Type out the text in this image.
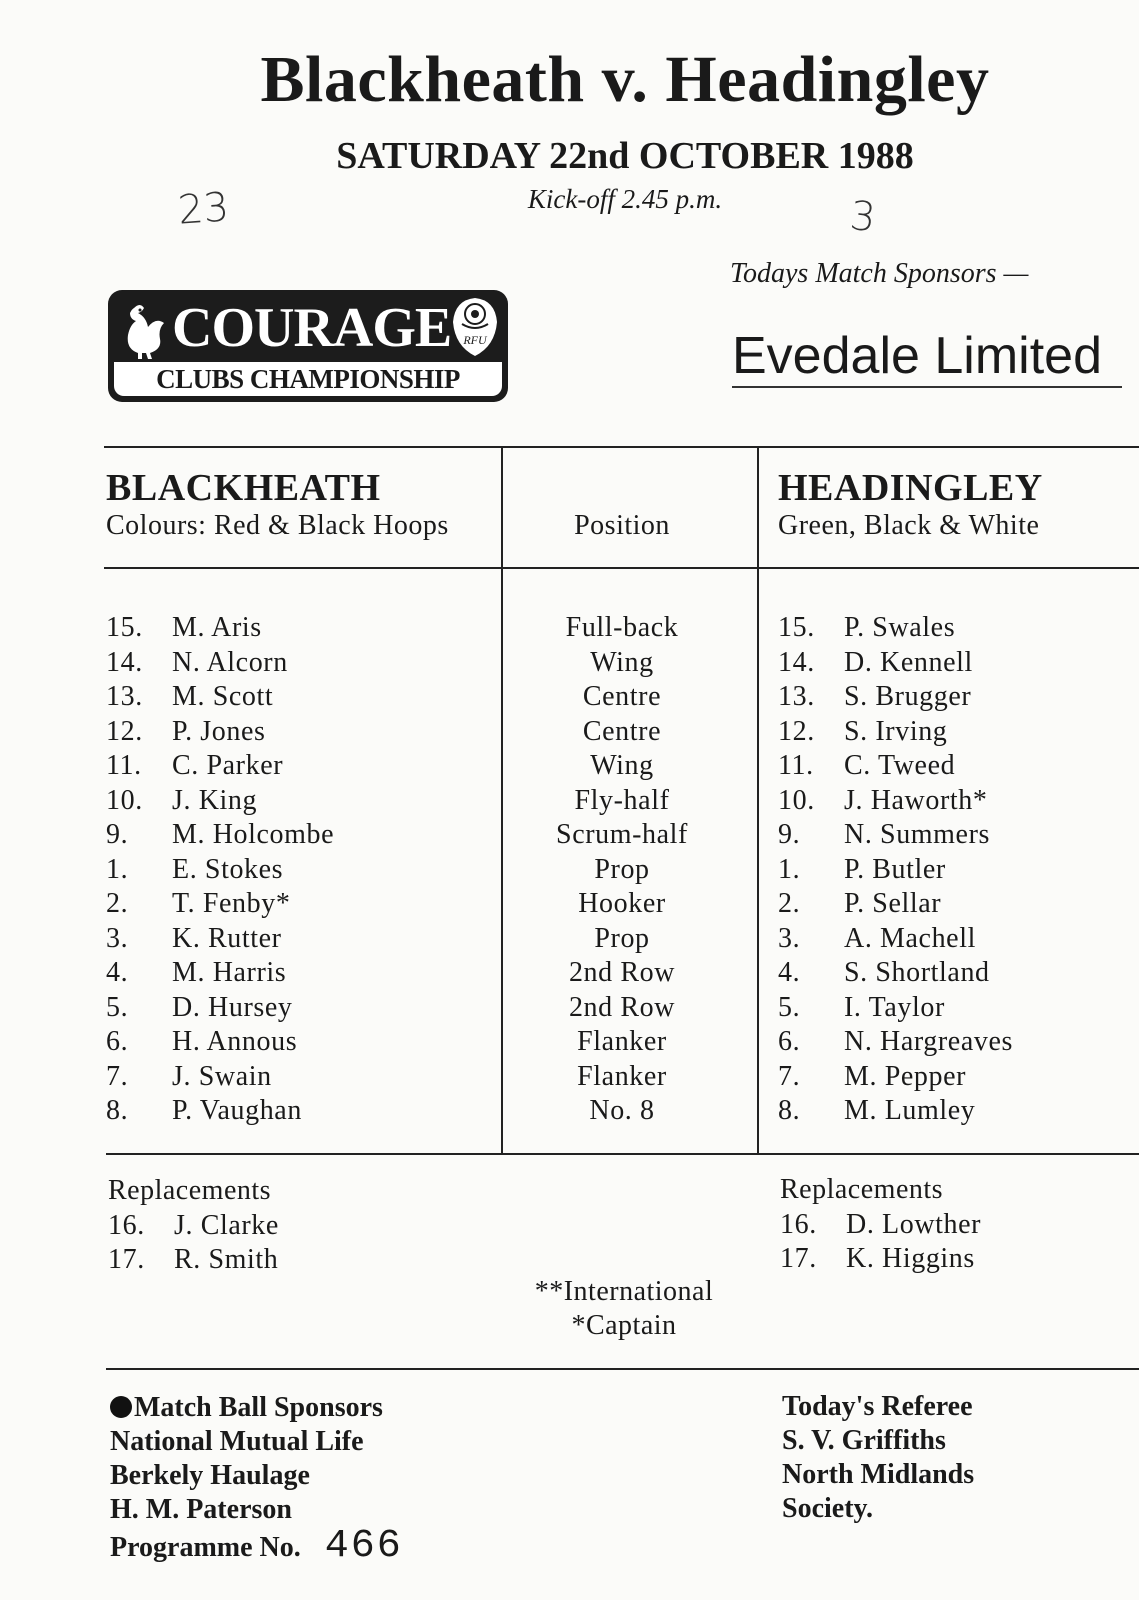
Blackheath v. Headingley
SATURDAY 22nd OCTOBER 1988
Kick-off 2.45 p.m.
23	3
Todays Match Sponsors —
Evedale Limited
COURAGE RFU
CLUBS CHAMPIONSHIP
BLACKHEATH
Colours: Red & Black Hoops	Position
HEADINGLEY
Green, Black & White
15. M. Aris
14. N. Alcorn
13. M. Scott
12. P. Jones
11. C. Parker
10. J. King
9. M. Holcombe
1. E. Stokes
2. T. Fenby*
3. K. Rutter
4. M. Harris
5. D. Hursey
6. H. Annous
7. J. Swain
8. P. Vaughan
Full-back
Wing
Centre
Centre
Wing
Fly-half
Scrum-half
Prop
Hooker
Prop
2nd Row
2nd Row
Flanker
Flanker
No. 8
15. P. Swales
14. D. Kennell
13. S. Brugger
12. S. Irving
11. C. Tweed
10. J. Haworth*
9. N. Summers
1. P. Butler
2. P. Sellar
3. A. Machell
4. S. Shortland
5. I. Taylor
6. N. Hargreaves
7. M. Pepper
8. M. Lumley
Replacements
16. J. Clarke
17. R. Smith
Replacements
16. D. Lowther
17. K. Higgins
**International
*Captain
Match Ball Sponsors
National Mutual Life
Berkely Haulage
H. M. Paterson
Programme No. 466
Today's Referee
S. V. Griffiths
North Midlands
Society.
